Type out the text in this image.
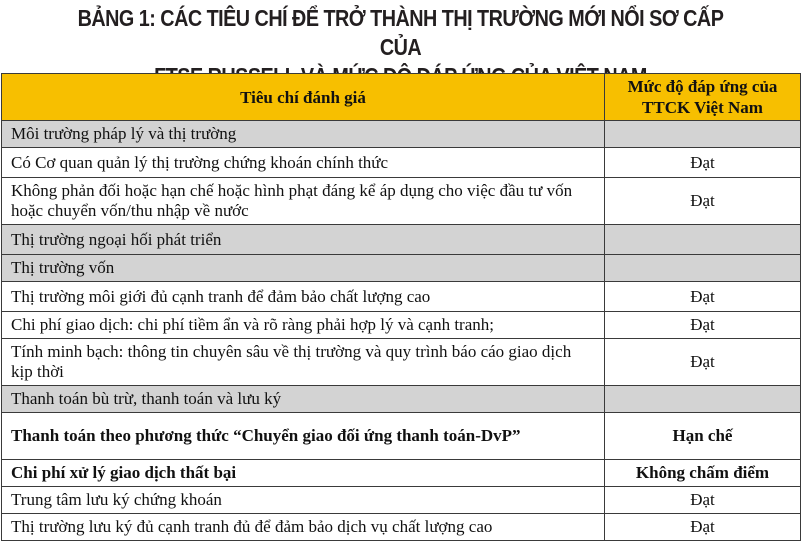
BẢNG 1: CÁC TIÊU CHÍ ĐỂ TRỞ THÀNH THỊ TRƯỜNG MỚI NỔI SƠ CẤP CỦA
Tiêu chí đánh giá	Mức độ đáp ứng của
TTCK Việt Nam

Môi trường pháp lý và thị trường	
Có Cơ quan quản lý thị trường chứng khoán chính thức	Đạt
Không phản đối hoặc hạn chế hoặc hình phạt đáng kể áp dụng cho việc đầu tư vốn hoặc chuyển vốn/thu nhập về nước	Đạt
Thị trường ngoại hối phát triển	
Thị trường vốn	
Thị trường môi giới đủ cạnh tranh để đảm bảo chất lượng cao	Đạt
Chi phí giao dịch: chi phí tiềm ẩn và rõ ràng phải hợp lý và cạnh tranh;	Đạt
Tính minh bạch: thông tin chuyên sâu về thị trường và quy trình báo cáo giao dịch kịp thời	Đạt
Thanh toán bù trừ, thanh toán và lưu ký	
Thanh toán theo phương thức “Chuyển giao đối ứng thanh toán-DvP”	Hạn chế
Chi phí xử lý giao dịch thất bại	Không chấm điểm
Trung tâm lưu ký chứng khoán	Đạt
Thị trường lưu ký đủ cạnh tranh đủ để đảm bảo dịch vụ chất lượng cao	Đạt
